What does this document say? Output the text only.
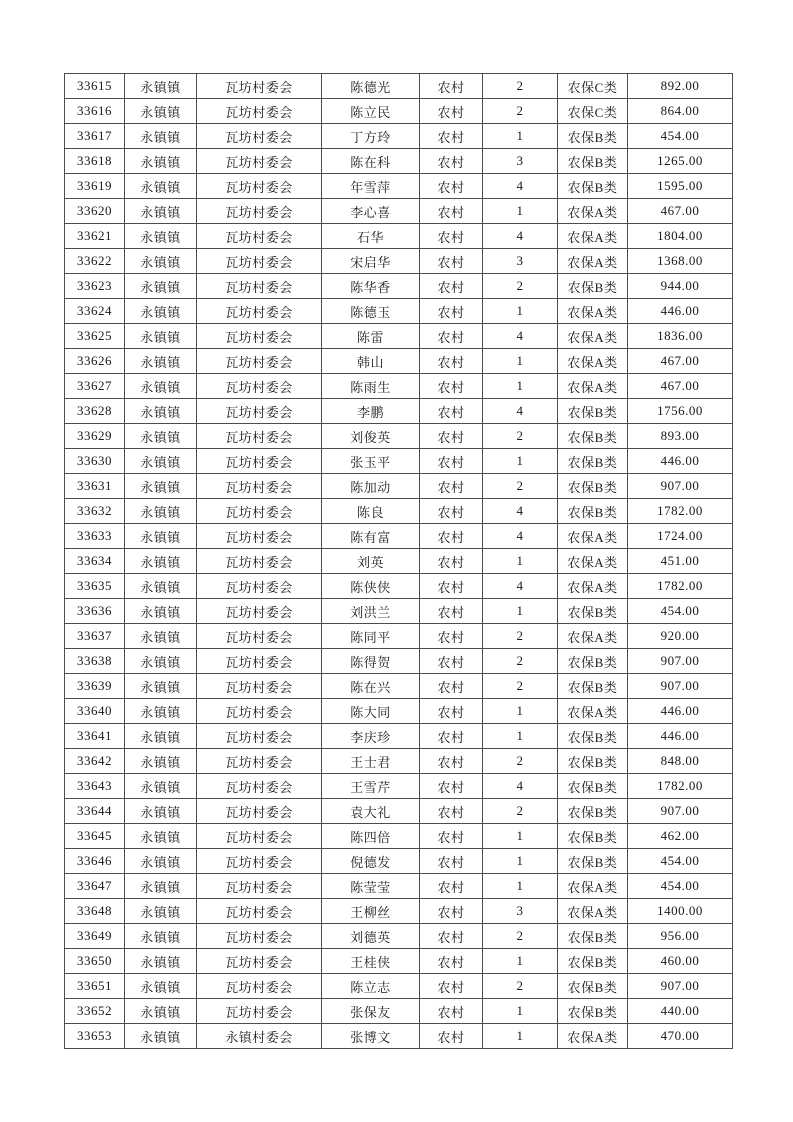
33615	永镇镇	瓦坊村委会	陈德光	农村	2	农保C类	892.00
33616	永镇镇	瓦坊村委会	陈立民	农村	2	农保C类	864.00
33617	永镇镇	瓦坊村委会	丁方玲	农村	1	农保B类	454.00
33618	永镇镇	瓦坊村委会	陈在科	农村	3	农保B类	1265.00
33619	永镇镇	瓦坊村委会	年雪萍	农村	4	农保B类	1595.00
33620	永镇镇	瓦坊村委会	李心喜	农村	1	农保A类	467.00
33621	永镇镇	瓦坊村委会	石华	农村	4	农保A类	1804.00
33622	永镇镇	瓦坊村委会	宋启华	农村	3	农保A类	1368.00
33623	永镇镇	瓦坊村委会	陈华香	农村	2	农保B类	944.00
33624	永镇镇	瓦坊村委会	陈德玉	农村	1	农保A类	446.00
33625	永镇镇	瓦坊村委会	陈雷	农村	4	农保A类	1836.00
33626	永镇镇	瓦坊村委会	韩山	农村	1	农保A类	467.00
33627	永镇镇	瓦坊村委会	陈雨生	农村	1	农保A类	467.00
33628	永镇镇	瓦坊村委会	李鹏	农村	4	农保B类	1756.00
33629	永镇镇	瓦坊村委会	刘俊英	农村	2	农保B类	893.00
33630	永镇镇	瓦坊村委会	张玉平	农村	1	农保B类	446.00
33631	永镇镇	瓦坊村委会	陈加动	农村	2	农保B类	907.00
33632	永镇镇	瓦坊村委会	陈良	农村	4	农保B类	1782.00
33633	永镇镇	瓦坊村委会	陈有富	农村	4	农保A类	1724.00
33634	永镇镇	瓦坊村委会	刘英	农村	1	农保A类	451.00
33635	永镇镇	瓦坊村委会	陈侠侠	农村	4	农保A类	1782.00
33636	永镇镇	瓦坊村委会	刘洪兰	农村	1	农保B类	454.00
33637	永镇镇	瓦坊村委会	陈同平	农村	2	农保A类	920.00
33638	永镇镇	瓦坊村委会	陈得贺	农村	2	农保B类	907.00
33639	永镇镇	瓦坊村委会	陈在兴	农村	2	农保B类	907.00
33640	永镇镇	瓦坊村委会	陈大同	农村	1	农保A类	446.00
33641	永镇镇	瓦坊村委会	李庆珍	农村	1	农保B类	446.00
33642	永镇镇	瓦坊村委会	王士君	农村	2	农保B类	848.00
33643	永镇镇	瓦坊村委会	王雪芹	农村	4	农保B类	1782.00
33644	永镇镇	瓦坊村委会	袁大礼	农村	2	农保B类	907.00
33645	永镇镇	瓦坊村委会	陈四倍	农村	1	农保B类	462.00
33646	永镇镇	瓦坊村委会	倪德发	农村	1	农保B类	454.00
33647	永镇镇	瓦坊村委会	陈莹莹	农村	1	农保A类	454.00
33648	永镇镇	瓦坊村委会	王柳丝	农村	3	农保A类	1400.00
33649	永镇镇	瓦坊村委会	刘德英	农村	2	农保B类	956.00
33650	永镇镇	瓦坊村委会	王桂侠	农村	1	农保B类	460.00
33651	永镇镇	瓦坊村委会	陈立志	农村	2	农保B类	907.00
33652	永镇镇	瓦坊村委会	张保友	农村	1	农保B类	440.00
33653	永镇镇	永镇村委会	张博文	农村	1	农保A类	470.00
